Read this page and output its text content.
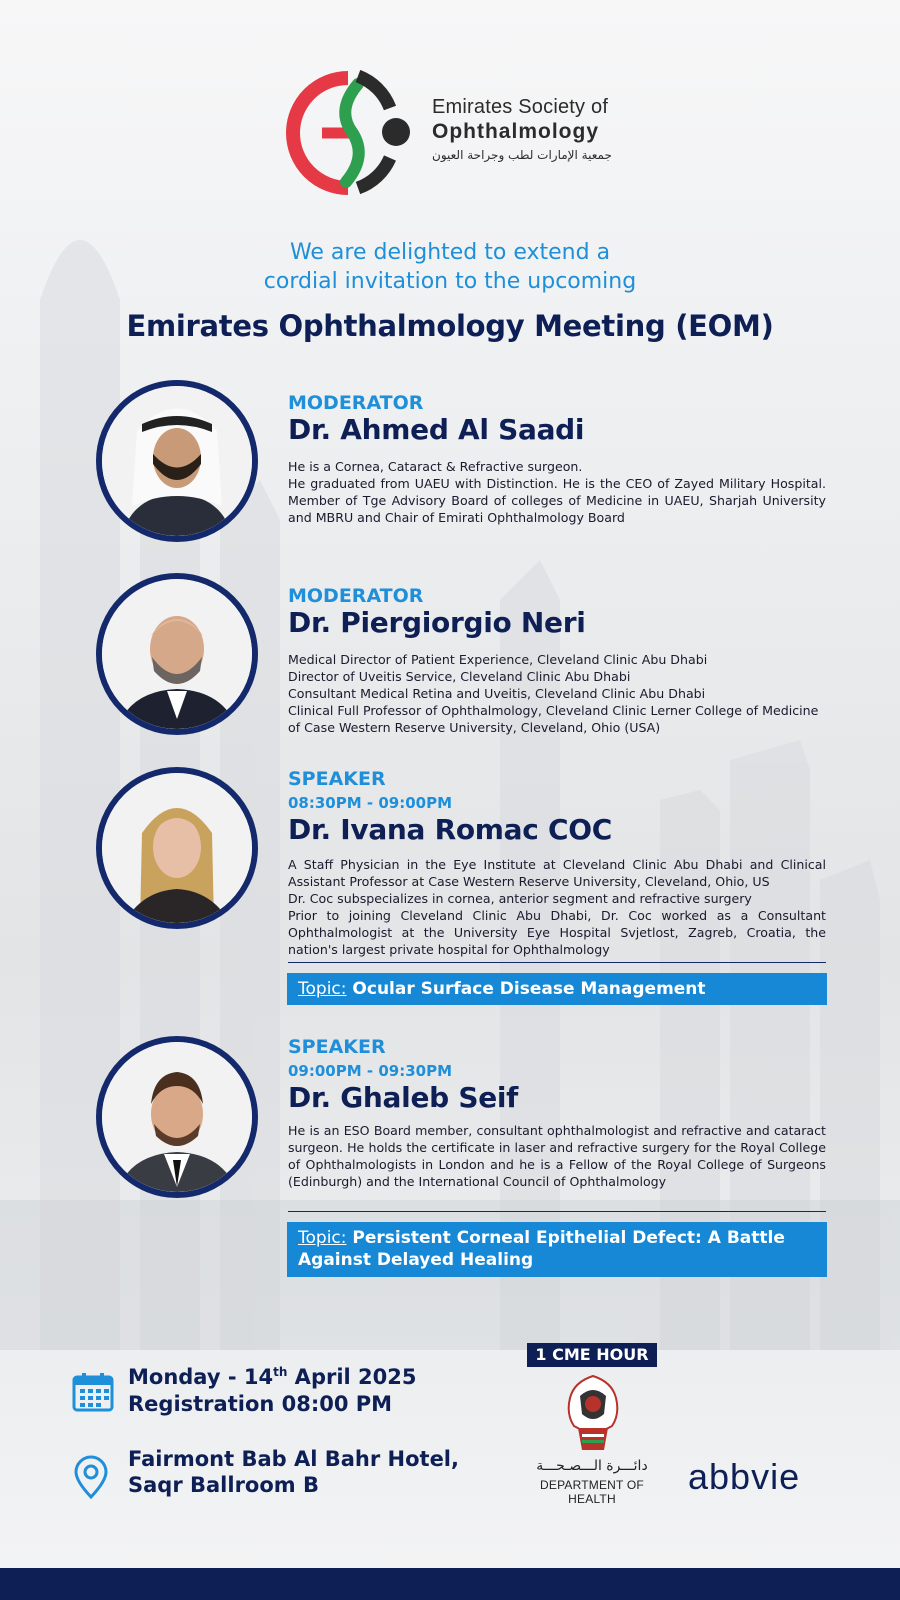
Emirates Society of
Ophthalmology
جمعية الإمارات لطب وجراحة العيون
We are delighted to extend a
cordial invitation to the upcoming
Emirates Ophthalmology Meeting (EOM)
MODERATOR
Dr. Ahmed Al Saadi

He is a Cornea, Cataract & Refractive surgeon.

He graduated from UAEU with Distinction. He is the CEO of Zayed Military Hospital. Member of Tge Advisory Board of colleges of Medicine in UAEU, Sharjah University and MBRU and Chair of Emirati Ophthalmology Board

MODERATOR
Dr. Piergiorgio Neri

Medical Director of Patient Experience, Cleveland Clinic Abu Dhabi

Director of Uveitis Service, Cleveland Clinic Abu Dhabi

Consultant Medical Retina and Uveitis, Cleveland Clinic Abu Dhabi

Clinical Full Professor of Ophthalmology, Cleveland Clinic Lerner College of Medicine of Case Western Reserve University, Cleveland, Ohio (USA)

SPEAKER
08:30PM - 09:00PM
Dr. Ivana Romac COC

A Staff Physician in the Eye Institute at Cleveland Clinic Abu Dhabi and Clinical Assistant Professor at Case Western Reserve University, Cleveland, Ohio, US

Dr. Coc subspecializes in cornea, anterior segment and refractive surgery

Prior to joining Cleveland Clinic Abu Dhabi, Dr. Coc worked as a Consultant Ophthalmologist at the University Eye Hospital Svjetlost, Zagreb, Croatia, the nation's largest private hospital for Ophthalmology

Topic: Ocular Surface Disease Management
SPEAKER
09:00PM - 09:30PM
Dr. Ghaleb Seif

He is an ESO Board member, consultant ophthalmologist and refractive and cataract surgeon. He holds the certificate in laser and refractive surgery for the Royal College of Ophthalmologists in London and he is a Fellow of the Royal College of Surgeons (Edinburgh) and the International Council of Ophthalmology

Topic: Persistent Corneal Epithelial Defect: A Battle
Against Delayed Healing
Monday - 14th April 2025
Registration 08:00 PM
Fairmont Bab Al Bahr Hotel,
Saqr Ballroom B
1 CME HOUR
دائـــرة الـــصـحـــة
DEPARTMENT OF HEALTH
abbvie
